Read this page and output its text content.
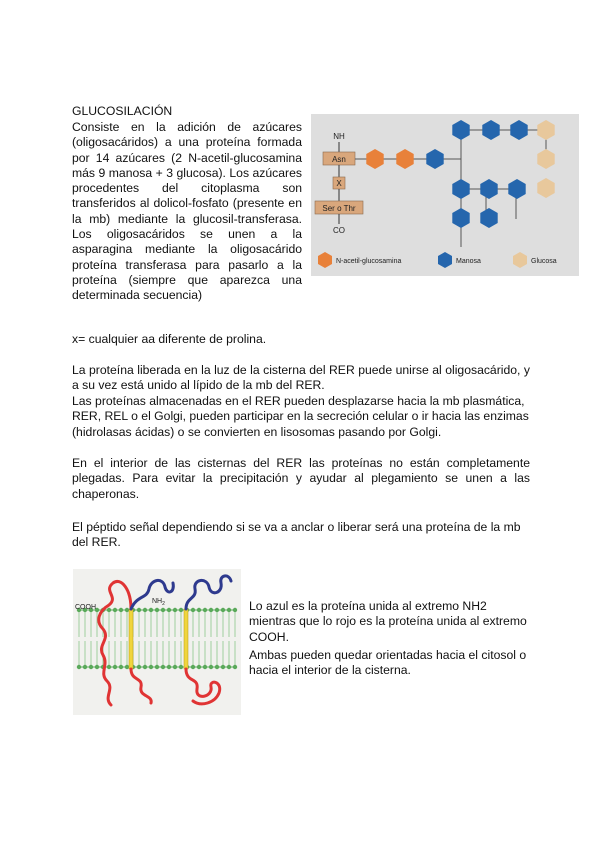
GLUCOSILACIÓN
Consiste en la adición de azúcares (oligosacáridos) a una proteína formada por 14 azúcares (2 N-acetil-glucosamina más 9 manosa + 3 glucosa). Los azúcares procedentes del citoplasma son transferidos al dolicol-fosfato (presente en la mb) mediante la glucosil-transferasa. Los oligosacáridos se unen a la asparagina mediante la oligosacárido proteína transferasa para pasarlo a la proteína (siempre que aparezca una determinada secuencia)
NH
Asn
X
Ser o Thr
CO
N-acetil-glucosamina	Manosa	Glucosa
x= cualquier aa diferente de prolina.
La proteína liberada en la luz de la cisterna del RER puede unirse al oligosacárido, y a su vez está unido al lípido de la mb del RER.
Las proteínas almacenadas en el RER pueden desplazarse hacia la mb plasmática, RER, REL o el Golgi, pueden participar en la secreción celular o ir hacia las enzimas (hidrolasas ácidas) o se convierten en lisosomas pasando por Golgi.
En el interior de las cisternas del RER las proteínas no están completamente plegadas. Para evitar la precipitación y ayudar al plegamiento se unen a las chaperonas.
El péptido señal dependiendo si se va a anclar o liberar será una proteína de la mb del RER.
COOH
$NH_2$	Lo azul es la proteína unida al extremo NH2 mientras que lo rojo es la proteína unida al extremo COOH.
Ambas pueden quedar orientadas hacia el citosol o hacia el interior de la cisterna.
